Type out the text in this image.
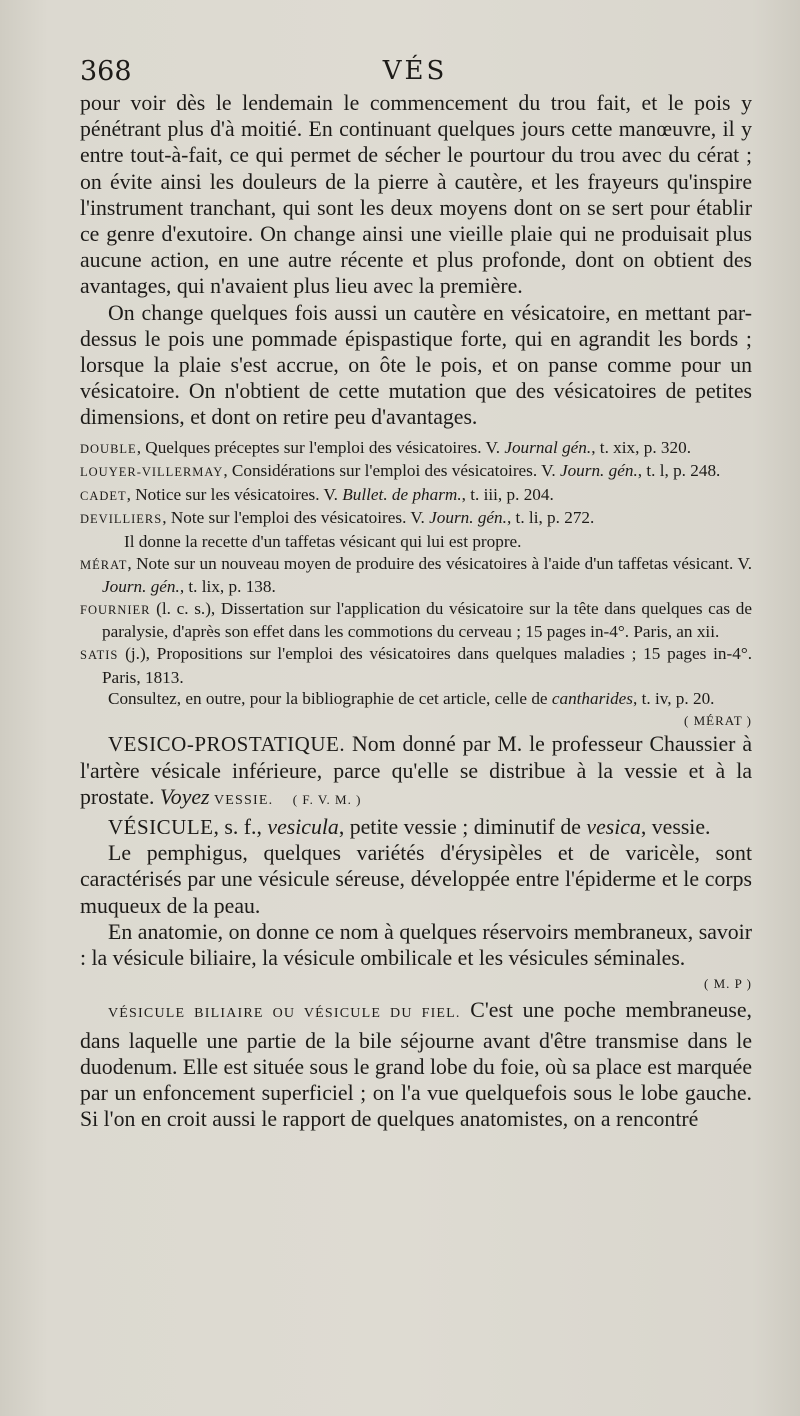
368	VÉS

pour voir dès le lendemain le commencement du trou fait, et le pois y pénétrant plus d'à moitié. En continuant quelques jours cette manœuvre, il y entre tout-à-fait, ce qui permet de sécher le pourtour du trou avec du cérat ; on évite ainsi les douleurs de la pierre à cautère, et les frayeurs qu'inspire l'instrument tranchant, qui sont les deux moyens dont on se sert pour établir ce genre d'exutoire. On change ainsi une vieille plaie qui ne produisait plus aucune action, en une autre récente et plus profonde, dont on obtient des avantages, qui n'avaient plus lieu avec la première.

On change quelques fois aussi un cautère en vésicatoire, en mettant par-dessus le pois une pommade épispastique forte, qui en agrandit les bords ; lorsque la plaie s'est accrue, on ôte le pois, et on panse comme pour un vésicatoire. On n'obtient de cette mutation que des vésicatoires de petites dimensions, et dont on retire peu d'avantages.

DOUBLE, Quelques préceptes sur l'emploi des vésicatoires. V. Journal gén., t. xix, p. 320.
LOUYER-VILLERMAY, Considérations sur l'emploi des vésicatoires. V. Journ. gén., t. l, p. 248.
CADET, Notice sur les vésicatoires. V. Bullet. de pharm., t. iii, p. 204.
DEVILLIERS, Note sur l'emploi des vésicatoires. V. Journ. gén., t. li, p. 272.
Il donne la recette d'un taffetas vésicant qui lui est propre.
MÉRAT, Note sur un nouveau moyen de produire des vésicatoires à l'aide d'un taffetas vésicant. V. Journ. gén., t. lix, p. 138.
FOURNIER (l. c. s.), Dissertation sur l'application du vésicatoire sur la tête dans quelques cas de paralysie, d'après son effet dans les commotions du cerveau ; 15 pages in-4°. Paris, an xii.
SATIS (j.), Propositions sur l'emploi des vésicatoires dans quelques maladies ; 15 pages in-4°. Paris, 1813.
Consultez, en outre, pour la bibliographie de cet article, celle de cantharides, t. iv, p. 20.
( MÉRAT )

VESICO-PROSTATIQUE. Nom donné par M. le professeur Chaussier à l'artère vésicale inférieure, parce qu'elle se distribue à la vessie et à la prostate. Voyez VESSIE. ( F. V. M. )

VÉSICULE, s. f., vesicula, petite vessie ; diminutif de vesica, vessie.

Le pemphigus, quelques variétés d'érysipèles et de varicèle, sont caractérisés par une vésicule séreuse, développée entre l'épiderme et le corps muqueux de la peau.

En anatomie, on donne ce nom à quelques réservoirs membraneux, savoir : la vésicule biliaire, la vésicule ombilicale et les vésicules séminales.
( M. P )

VÉSICULE BILIAIRE OU VÉSICULE DU FIEL. C'est une poche membraneuse, dans laquelle une partie de la bile séjourne avant d'être transmise dans le duodenum. Elle est située sous le grand lobe du foie, où sa place est marquée par un enfoncement superficiel ; on l'a vue quelquefois sous le lobe gauche. Si l'on en croit aussi le rapport de quelques anatomistes, on a rencontré
